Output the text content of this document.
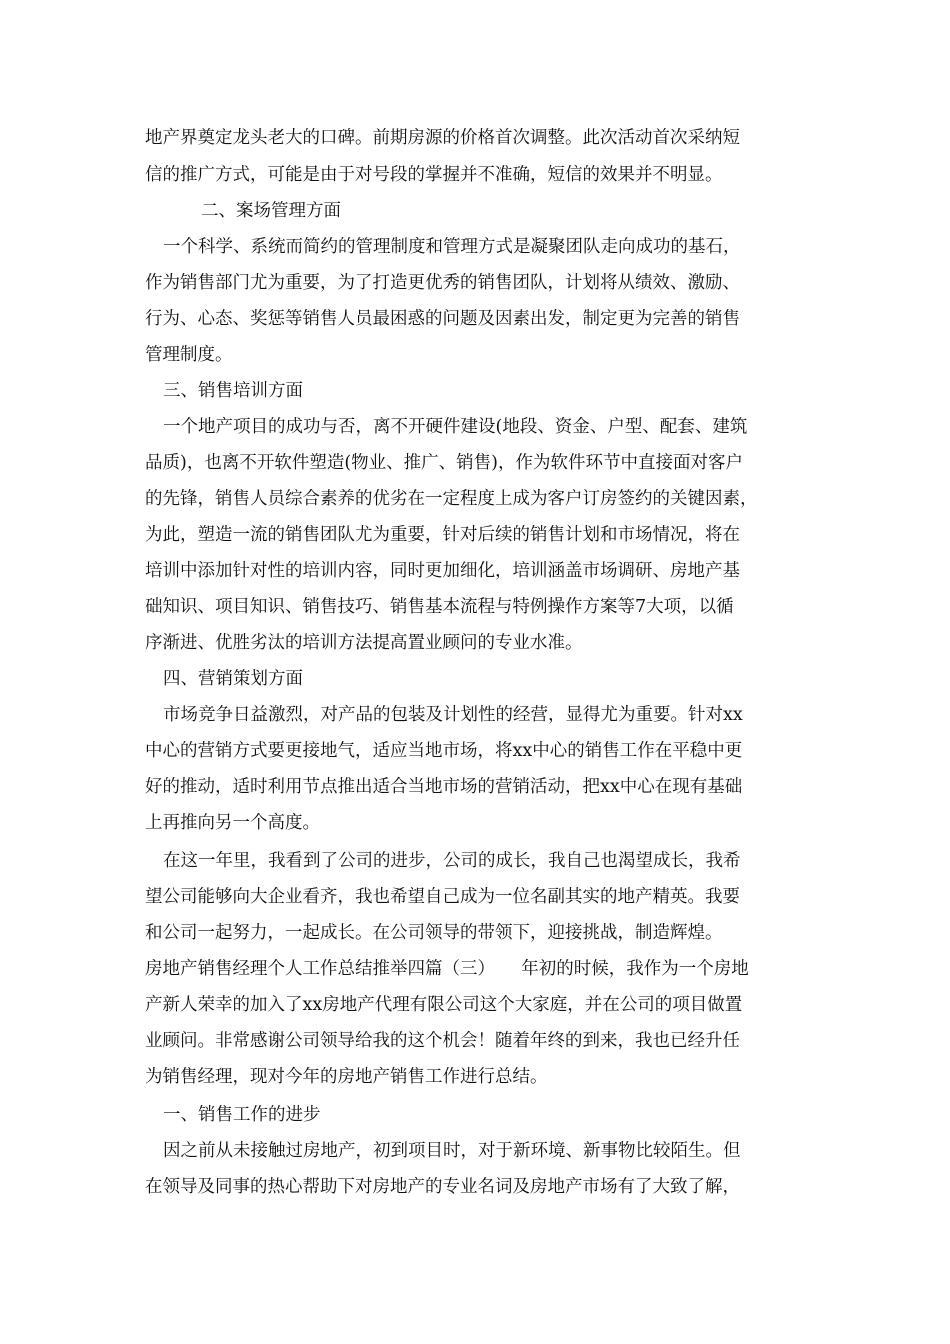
地产界奠定龙头老大的口碑。前期房源的价格首次调整。此次活动首次采纳短
信的推广方式，可能是由于对号段的掌握并不准确，短信的效果并不明显。
二、案场管理方面
一个科学、系统而简约的管理制度和管理方式是凝聚团队走向成功的基石，
作为销售部门尤为重要，为了打造更优秀的销售团队，计划将从绩效、激励、
行为、心态、奖惩等销售人员最困惑的问题及因素出发，制定更为完善的销售
管理制度。
三、销售培训方面
一个地产项目的成功与否，离不开硬件建设(地段、资金、户型、配套、建筑
品质)，也离不开软件塑造(物业、推广、销售)，作为软件环节中直接面对客户
的先锋，销售人员综合素养的优劣在一定程度上成为客户订房签约的关键因素，
为此，塑造一流的销售团队尤为重要，针对后续的销售计划和市场情况，将在
培训中添加针对性的培训内容，同时更加细化，培训涵盖市场调研、房地产基
础知识、项目知识、销售技巧、销售基本流程与特例操作方案等7大项，以循
序渐进、优胜劣汰的培训方法提高置业顾问的专业水准。
四、营销策划方面
市场竞争日益激烈，对产品的包装及计划性的经营，显得尤为重要。针对xx
中心的营销方式要更接地气，适应当地市场，将xx中心的销售工作在平稳中更
好的推动，适时利用节点推出适合当地市场的营销活动，把xx中心在现有基础
上再推向另一个高度。
在这一年里，我看到了公司的进步，公司的成长，我自己也渴望成长，我希
望公司能够向大企业看齐，我也希望自己成为一位名副其实的地产精英。我要
和公司一起努力，一起成长。在公司领导的带领下，迎接挑战，制造辉煌。
房地产销售经理个人工作总结推举四篇（三）　　年初的时候，我作为一个房地
产新人荣幸的加入了xx房地产代理有限公司这个大家庭，并在公司的项目做置
业顾问。非常感谢公司领导给我的这个机会！随着年终的到来，我也已经升任
为销售经理，现对今年的房地产销售工作进行总结。
一、销售工作的进步
因之前从未接触过房地产，初到项目时，对于新环境、新事物比较陌生。但
在领导及同事的热心帮助下对房地产的专业名词及房地产市场有了大致了解，
